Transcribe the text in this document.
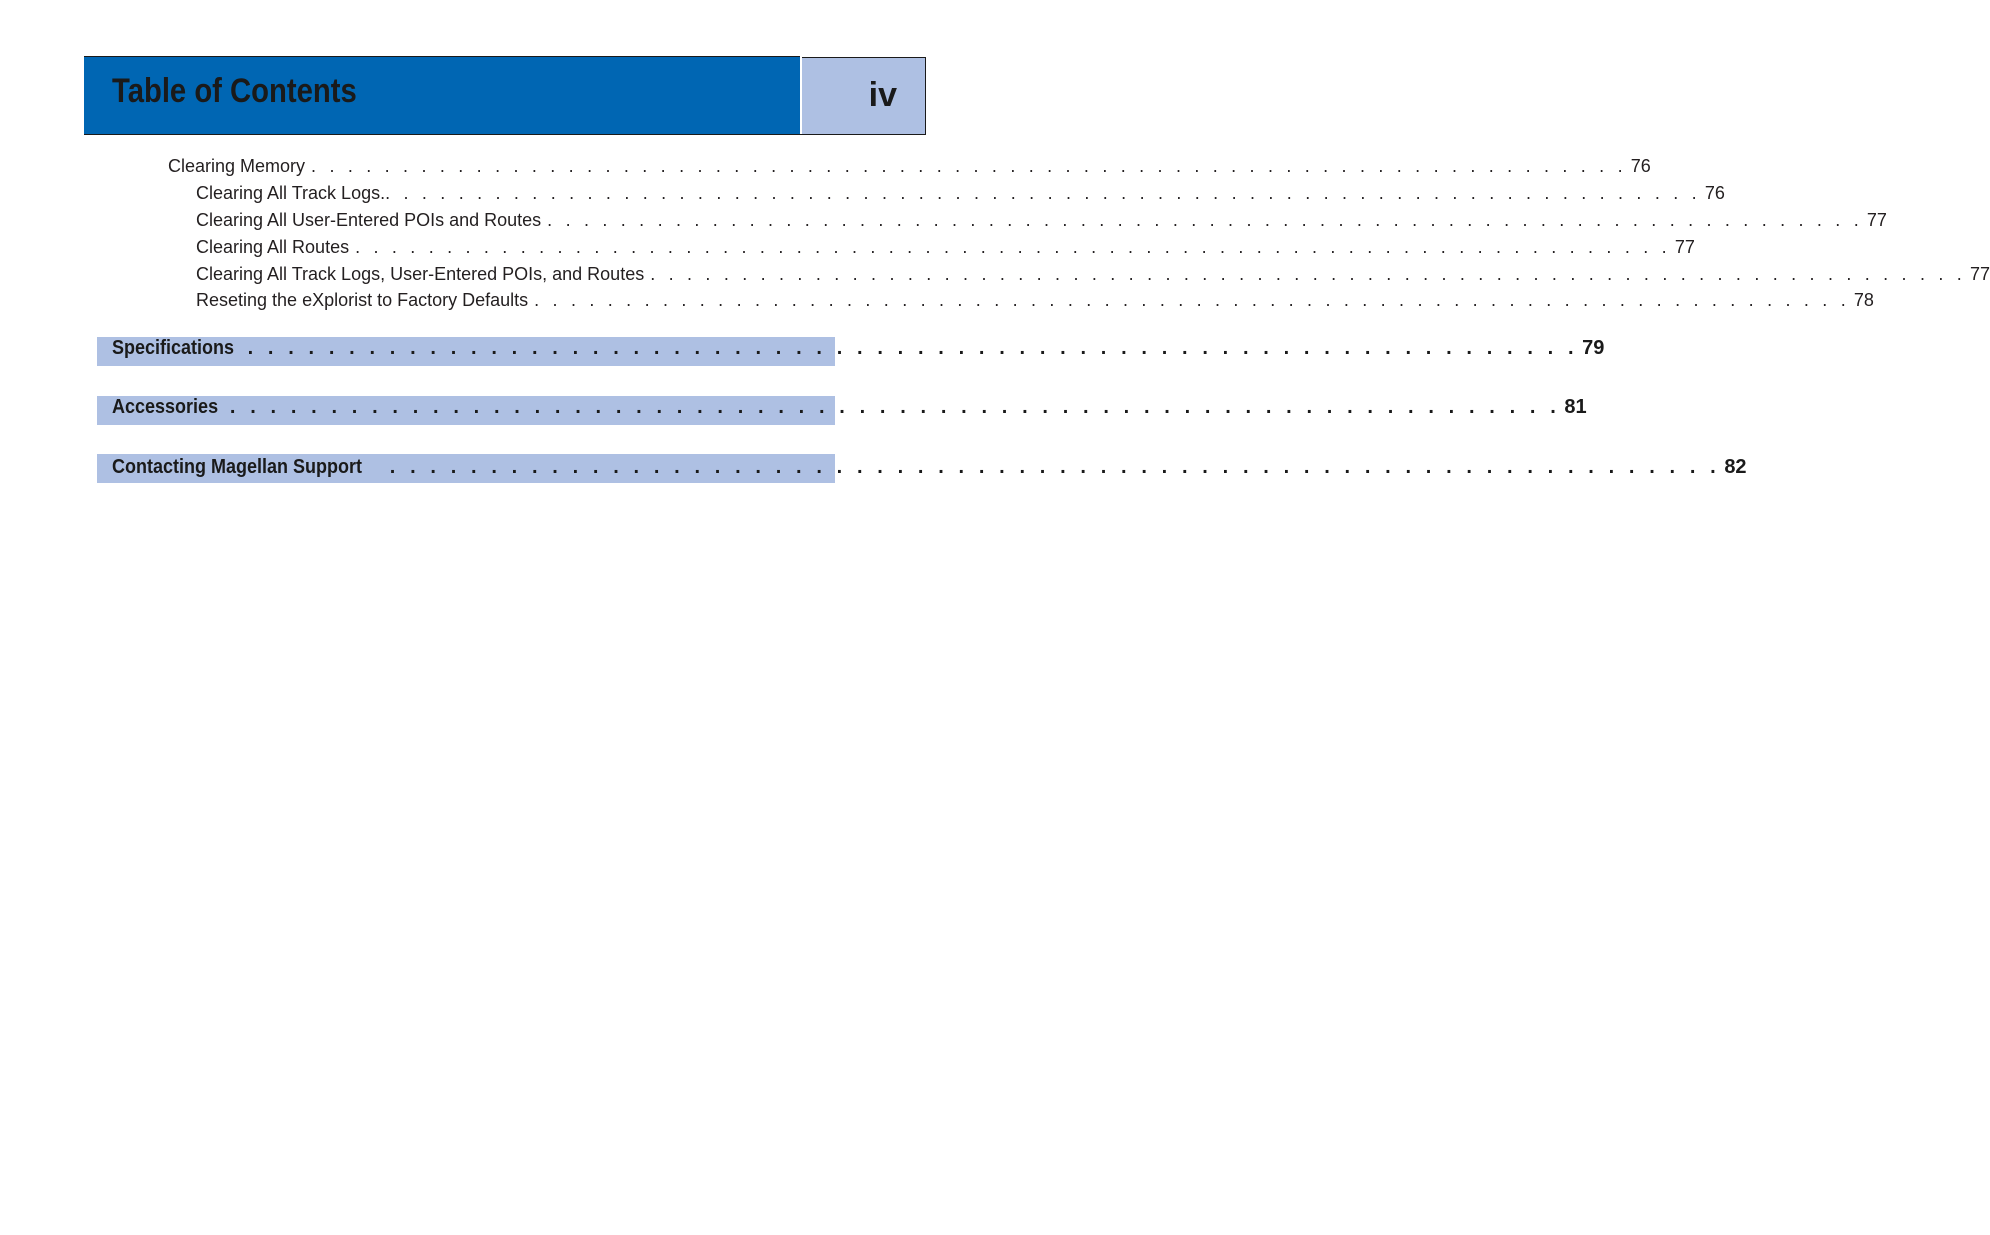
Table of Contents	iv
Clearing Memory . . . . . . . . . . . . . . . . . . . . . . . . . . . . . . . . . . . . . . . . . . . . . . . . . . . . . . . . . . . . . . . . . . . . . . . . 76
Clearing All Track Logs. . . . . . . . . . . . . . . . . . . . . . . . . . . . . . . . . . . . . . . . . . . . . . . . . . . . . . . . . . . . . . . . . . . . . . . . . 76
Clearing All User-Entered POIs and Routes . . . . . . . . . . . . . . . . . . . . . . . . . . . . . . . . . . . . . . . . . . . . . . . . . . . . . . . . . . . . . . . . . . . . . . . . 77
Clearing All Routes . . . . . . . . . . . . . . . . . . . . . . . . . . . . . . . . . . . . . . . . . . . . . . . . . . . . . . . . . . . . . . . . . . . . . . . . 77
Clearing All Track Logs, User-Entered POIs, and Routes . . . . . . . . . . . . . . . . . . . . . . . . . . . . . . . . . . . . . . . . . . . . . . . . . . . . . . . . . . . . . . . . . . . . . . . . 77
Reseting the eXplorist to Factory Defaults . . . . . . . . . . . . . . . . . . . . . . . . . . . . . . . . . . . . . . . . . . . . . . . . . . . . . . . . . . . . . . . . . . . . . . . . 78
Specifications . . . . . . . . . . . . . . . . . . . . . . . . . . . . . . . . . . . . . . . . . . . . . . . . . . . . . . . . . . . . . . . . . . 79
Accessories . . . . . . . . . . . . . . . . . . . . . . . . . . . . . . . . . . . . . . . . . . . . . . . . . . . . . . . . . . . . . . . . . . 81
Contacting Magellan Support . . . . . . . . . . . . . . . . . . . . . . . . . . . . . . . . . . . . . . . . . . . . . . . . . . . . . . . . . . . . . . . . . . 82
